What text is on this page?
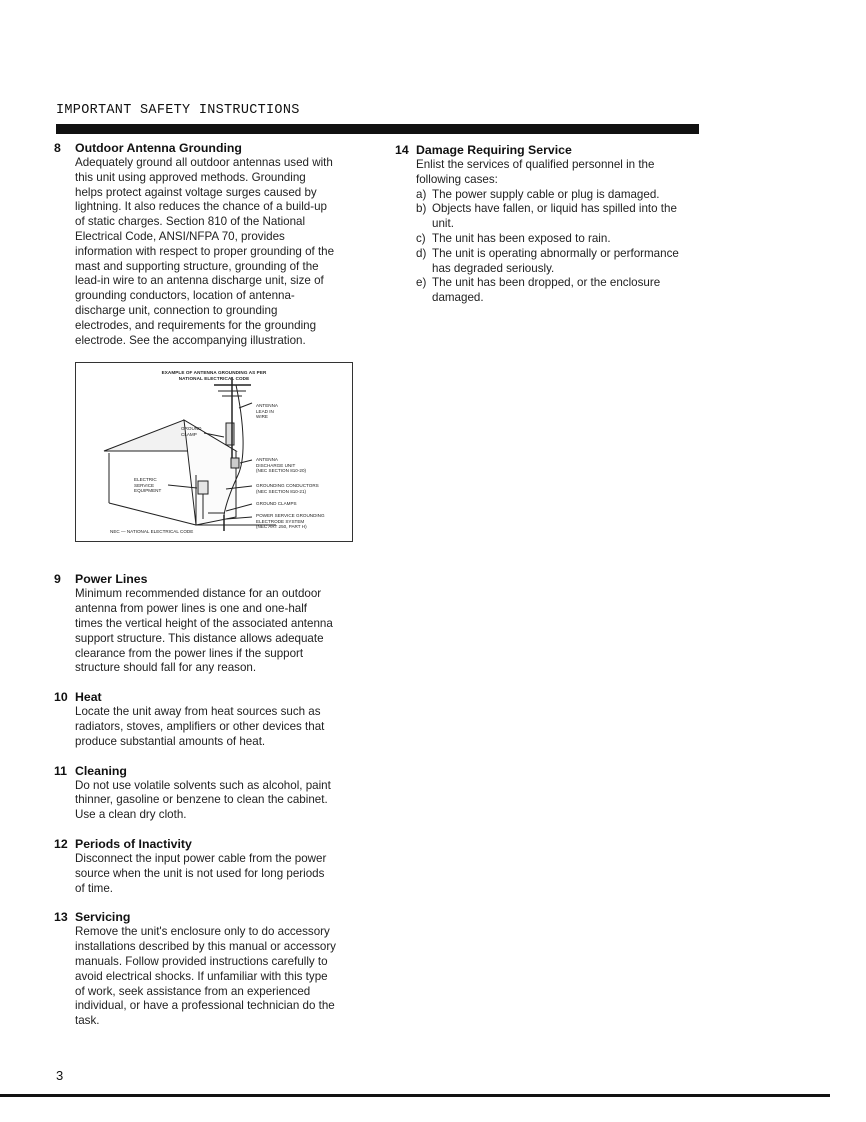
IMPORTANT SAFETY INSTRUCTIONS
8	Outdoor Antenna Grounding

Adequately ground all outdoor antennas used with

this unit using approved methods. Grounding

helps protect against voltage surges caused by

lightning. It also reduces the chance of a build-up

of static charges. Section 810 of the National

Electrical Code, ANSI/NFPA 70, provides

information with respect to proper grounding of the

mast and supporting structure, grounding of the

lead-in wire to an antenna discharge unit, size of

grounding conductors, location of antenna-

discharge unit, connection to grounding

electrodes, and requirements for the grounding

electrode. See the accompanying illustration.

EXAMPLE OF ANTENNA GROUNDING AS PER
NATIONAL ELECTRICAL CODE
ANTENNA
LEAD IN
WIRE
GROUND
CLAMP
ANTENNA
DISCHARGE UNIT
(NEC SECTION 810-20)
ELECTRIC
SERVICE
EQUIPMENT
GROUNDING CONDUCTORS
(NEC SECTION 810-21)
GROUND CLAMPS
POWER SERVICE GROUNDING
ELECTRODE SYSTEM
(NEC ART 250, PART H)
NEC — NATIONAL ELECTRICAL CODE
9	Power Lines

Minimum recommended distance for an outdoor

antenna from power lines is one and one-half

times the vertical height of the associated antenna

support structure. This distance allows adequate

clearance from the power lines if the support

structure should fall for any reason.

10 Heat

Locate the unit away from heat sources such as

radiators, stoves, amplifiers or other devices that

produce substantial amounts of heat.

11 Cleaning

Do not use volatile solvents such as alcohol, paint

thinner, gasoline or benzene to clean the cabinet.

Use a clean dry cloth.

12 Periods of Inactivity

Disconnect the input power cable from the power

source when the unit is not used for long periods

of time.

13 Servicing

Remove the unit's enclosure only to do accessory

installations described by this manual or accessory

manuals. Follow provided instructions carefully to

avoid electrical shocks. If unfamiliar with this type

of work, seek assistance from an experienced

individual, or have a professional technician do the

task.

14 Damage Requiring Service

Enlist the services of qualified personnel in the

following cases:

a) The power supply cable or plug is damaged.

b) Objects have fallen, or liquid has spilled into the

unit.

c) The unit has been exposed to rain.

d) The unit is operating abnormally or performance

has degraded seriously.

e) The unit has been dropped, or the enclosure

damaged.

3
